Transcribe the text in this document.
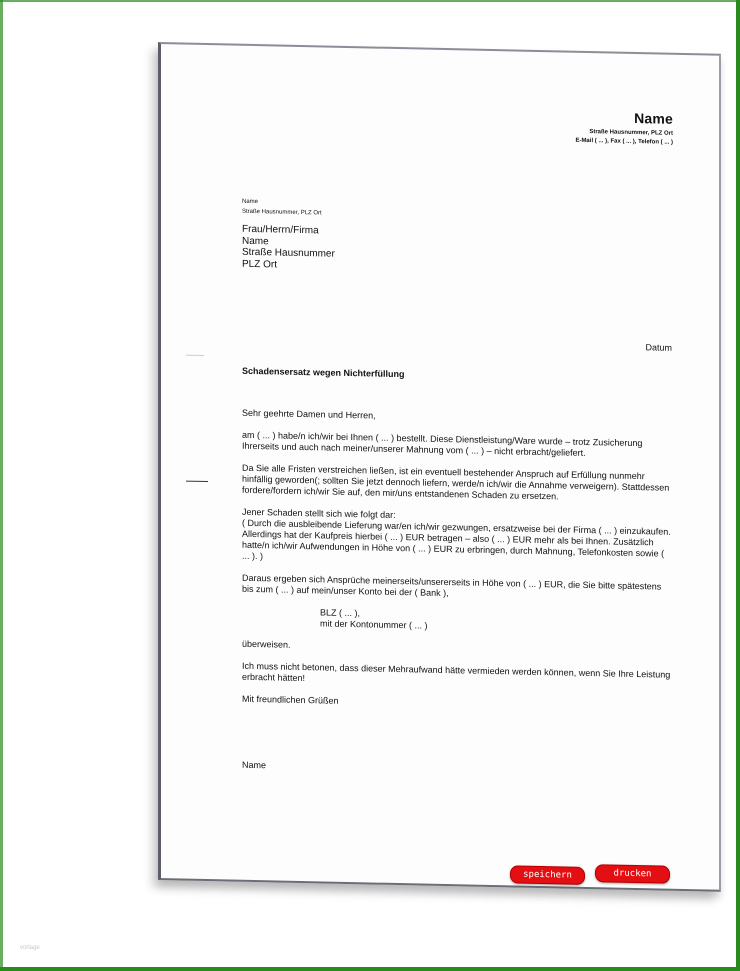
vorlage
Name
Straße Hausnummer, PLZ Ort
E-Mail ( ... ), Fax ( ... ), Telefon ( ... )
Name
Straße Hausnummer, PLZ Ort
Frau/Herrn/Firma
Name
Straße Hausnummer
PLZ Ort
Datum
Schadensersatz wegen Nichterfüllung

Sehr geehrte Damen und Herren,

am ( ... ) habe/n ich/wir bei Ihnen ( ... ) bestellt. Diese Dienstleistung/Ware wurde – trotz Zusicherung Ihrerseits und auch nach meiner/unserer Mahnung vom ( ... ) – nicht erbracht/geliefert.

Da Sie alle Fristen verstreichen ließen, ist ein eventuell bestehender Anspruch auf Erfüllung nunmehr hinfällig geworden(; sollten Sie jetzt dennoch liefern, werde/n ich/wir die Annahme verweigern). Stattdessen fordere/fordern ich/wir Sie auf, den mir/uns entstandenen Schaden zu ersetzen.

Jener Schaden stellt sich wie folgt dar:

( Durch die ausbleibende Lieferung war/en ich/wir gezwungen, ersatzweise bei der Firma ( ... ) einzukaufen. Allerdings hat der Kaufpreis hierbei ( ... ) EUR betragen – also ( ... ) EUR mehr als bei Ihnen. Zusätzlich hatte/n ich/wir Aufwendungen in Höhe von ( ... ) EUR zu erbringen, durch Mahnung, Telefonkosten sowie ( ... ). )

Daraus ergeben sich Ansprüche meinerseits/unsererseits in Höhe von ( ... ) EUR, die Sie bitte spätestens bis zum ( ... ) auf mein/unser Konto bei der ( Bank ),

BLZ ( ... ),

mit der Kontonummer ( ... )

überweisen.

Ich muss nicht betonen, dass dieser Mehraufwand hätte vermieden werden können, wenn Sie Ihre Leistung erbracht hätten!

Mit freundlichen Grüßen

Name
speichern	drucken
